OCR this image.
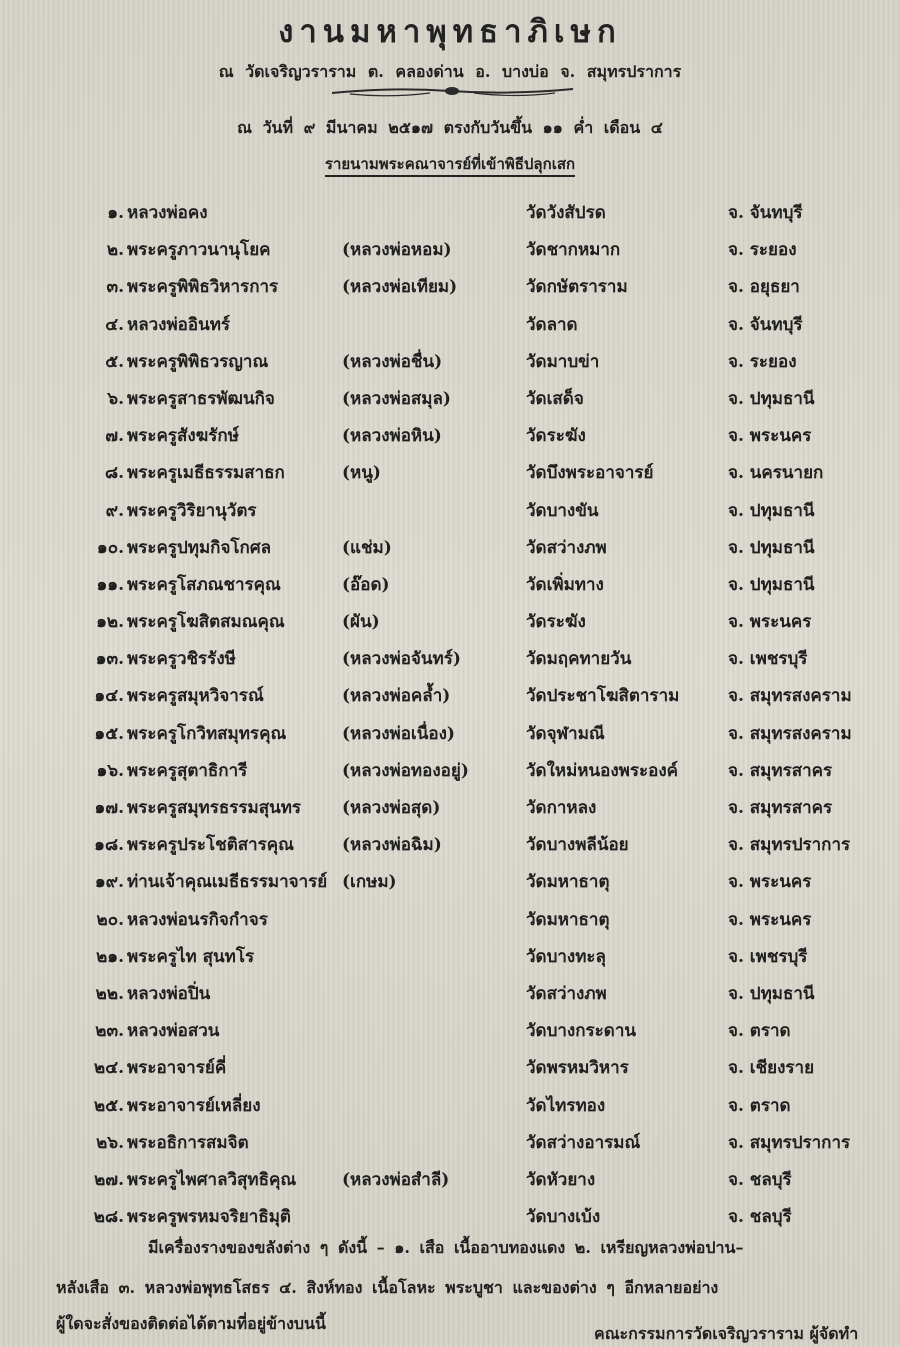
งานมหาพุทธาภิเษก
ณ วัดเจริญวราราม ต. คลองด่าน อ. บางบ่อ จ. สมุทรปราการ
ณ วันที่ ๙ มีนาคม ๒๕๑๗ ตรงกับวันขึ้น ๑๑ ค่ำ เดือน ๔
รายนามพระคณาจารย์ที่เข้าพิธีปลุกเสก
๑. หลวงพ่อคง	วัดวังสัปรด	จ. จันทบุรี
๒. พระครูภาวนานุโยค	(หลวงพ่อหอม)	วัดชากหมาก	จ. ระยอง
๓. พระครูพิพิธวิหารการ	(หลวงพ่อเทียม)	วัดกษัตราราม	จ. อยุธยา
๔. หลวงพ่ออินทร์	วัดลาด	จ. จันทบุรี
๕. พระครูพิพิธวรญาณ	(หลวงพ่อชื่น)	วัดมาบข่า	จ. ระยอง
๖. พระครูสาธรพัฒนกิจ	(หลวงพ่อสมุล)	วัดเสด็จ	จ. ปทุมธานี
๗. พระครูสังฆรักษ์	(หลวงพ่อหิน)	วัดระฆัง	จ. พระนคร
๘. พระครูเมธีธรรมสาธก	(หนู)	วัดบึงพระอาจารย์	จ. นครนายก
๙. พระครูวิริยานุวัตร	วัดบางขัน	จ. ปทุมธานี
๑๐. พระครูปทุมกิจโกศล	(แช่ม)	วัดสว่างภพ	จ. ปทุมธานี
๑๑. พระครูโสภณชารคุณ	(อ๊อด)	วัดเพิ่มทาง	จ. ปทุมธานี
๑๒. พระครูโฆสิตสมณคุณ	(ผัน)	วัดระฆัง	จ. พระนคร
๑๓. พระครูวชิรรังษี	(หลวงพ่อจันทร์)	วัดมฤคทายวัน	จ. เพชรบุรี
๑๔. พระครูสมุหวิจารณ์	(หลวงพ่อคล้ำ)	วัดประชาโฆสิตาราม	จ. สมุทรสงคราม
๑๕. พระครูโกวิทสมุทรคุณ	(หลวงพ่อเนื่อง)	วัดจุฬามณี	จ. สมุทรสงคราม
๑๖. พระครูสุตาธิการี	(หลวงพ่อทองอยู่)	วัดใหม่หนองพระองค์	จ. สมุทรสาคร
๑๗. พระครูสมุทรธรรมสุนทร (หลวงพ่อสุด)	วัดกาหลง	จ. สมุทรสาคร
๑๘. พระครูประโชติสารคุณ	(หลวงพ่อฉิม)	วัดบางพลีน้อย	จ. สมุทรปราการ
๑๙. ท่านเจ้าคุณเมธีธรรมาจารย์ (เกษม)	วัดมหาธาตุ	จ. พระนคร
๒๐. หลวงพ่อนรกิจกำจร	วัดมหาธาตุ	จ. พระนคร
๒๑. พระครูไท สุนทโร	วัดบางทะลุ	จ. เพชรบุรี
๒๒. หลวงพ่อปิ่น	วัดสว่างภพ	จ. ปทุมธานี
๒๓. หลวงพ่อสวน	วัดบางกระดาน	จ. ตราด
๒๔. พระอาจารย์คี่	วัดพรหมวิหาร	จ. เชียงราย
๒๕. พระอาจารย์เหลี่ยง	วัดไทรทอง	จ. ตราด
๒๖. พระอธิการสมจิต	วัดสว่างอารมณ์	จ. สมุทรปราการ
๒๗. พระครูไพศาลวิสุทธิคุณ	(หลวงพ่อสำลี)	วัดหัวยาง	จ. ชลบุรี
๒๘. พระครูพรหมจริยาธิมุติ	วัดบางเบ้ง	จ. ชลบุรี
มีเครื่องรางของขลังต่าง ๆ ดังนี้ – ๑. เสือ เนื้ออาบทองแดง ๒. เหรียญหลวงพ่อปาน–
หลังเสือ ๓. หลวงพ่อพุทธโสธร ๔. สิงห์ทอง เนื้อโลหะ พระบูชา และของต่าง ๆ อีกหลายอย่าง
ผู้ใดจะสั่งของติดต่อได้ตามที่อยู่ข้างบนนี้
คณะกรรมการวัดเจริญวราราม ผู้จัดทำ
